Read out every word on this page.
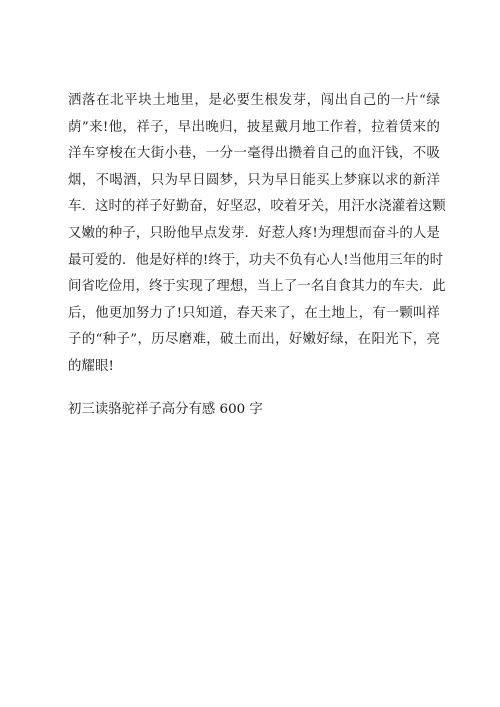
洒落在北平块土地里，是必要生根发芽，闯出自己的一片“绿
荫”来!他，祥子，早出晚归，披星戴月地工作着，拉着赁来的
洋车穿梭在大街小巷，一分一毫得出攒着自己的血汗钱，不吸
烟，不喝酒，只为早日圆梦，只为早日能买上梦寐以求的新洋
车．这时的祥子好勤奋，好坚忍，咬着牙关，用汗水浇灌着这颗
又嫩的种子，只盼他早点发芽．好惹人疼!为理想而奋斗的人是
最可爱的．他是好样的!终于，功夫不负有心人!当他用三年的时
间省吃俭用，终于实现了理想，当上了一名自食其力的车夫．此
后，他更加努力了!只知道，春天来了，在土地上，有一颗叫祥
子的“种子”，历尽磨难，破土而出，好嫩好绿，在阳光下，亮
的耀眼!
初三读骆驼祥子高分有感 600 字
